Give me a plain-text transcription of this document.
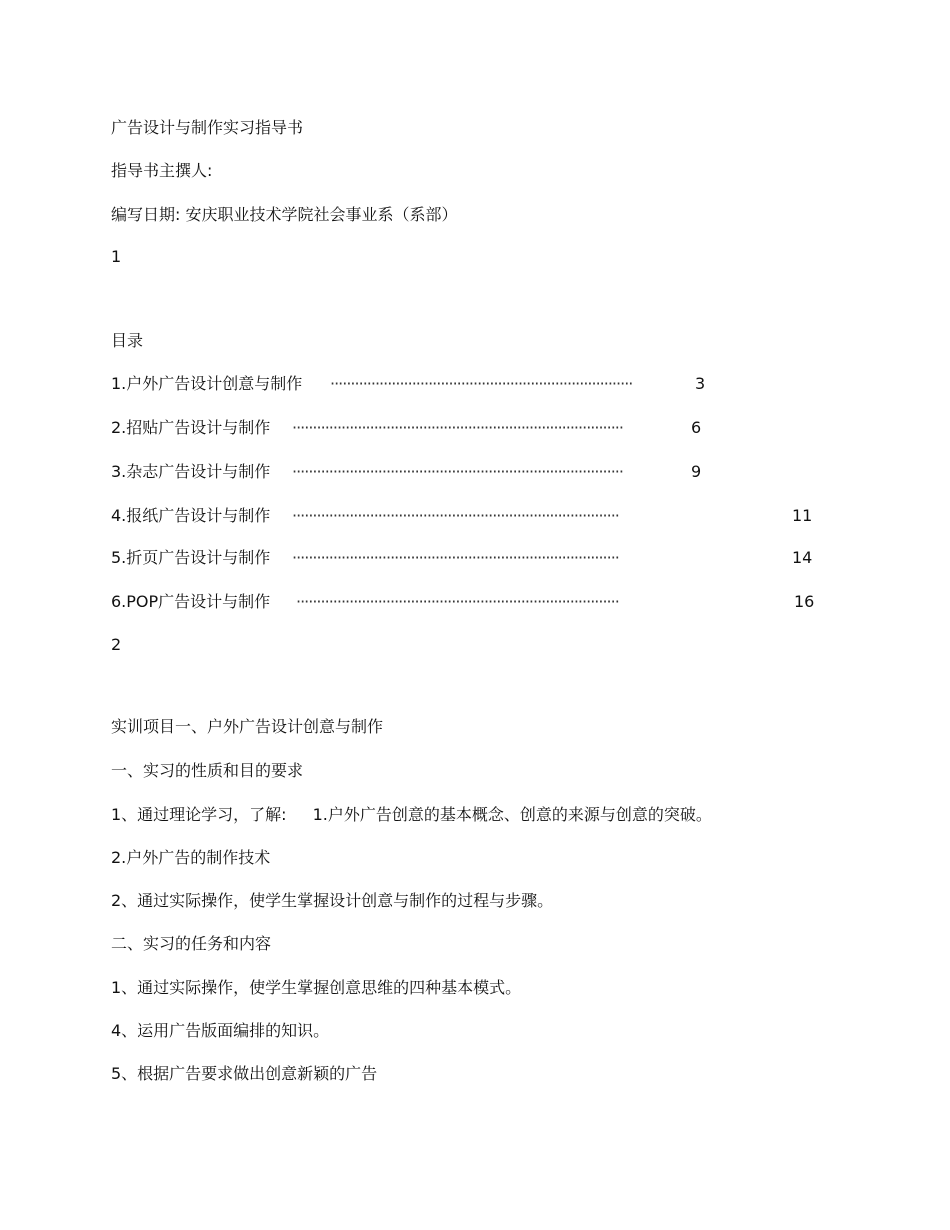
广告设计与制作实习指导书
指导书主撰人:
编写日期: 安庆职业技术学院社会事业系（系部）
1
目录
1.户外广告设计创意与制作 ··········································································	3
2.招贴广告设计与制作 ·················································································	6
3.杂志广告设计与制作 ·················································································	9
4.报纸广告设计与制作 ················································································	11
5.折页广告设计与制作 ················································································	14
6.POP广告设计与制作 ···············································································	16
2
实训项目一、户外广告设计创意与制作
一、实习的性质和目的要求
1、通过理论学习，了解: 1.户外广告创意的基本概念、创意的来源与创意的突破。
2.户外广告的制作技术
2、通过实际操作，使学生掌握设计创意与制作的过程与步骤。
二、实习的任务和内容
1、通过实际操作，使学生掌握创意思维的四种基本模式。
4、运用广告版面编排的知识。
5、根据广告要求做出创意新颖的广告
